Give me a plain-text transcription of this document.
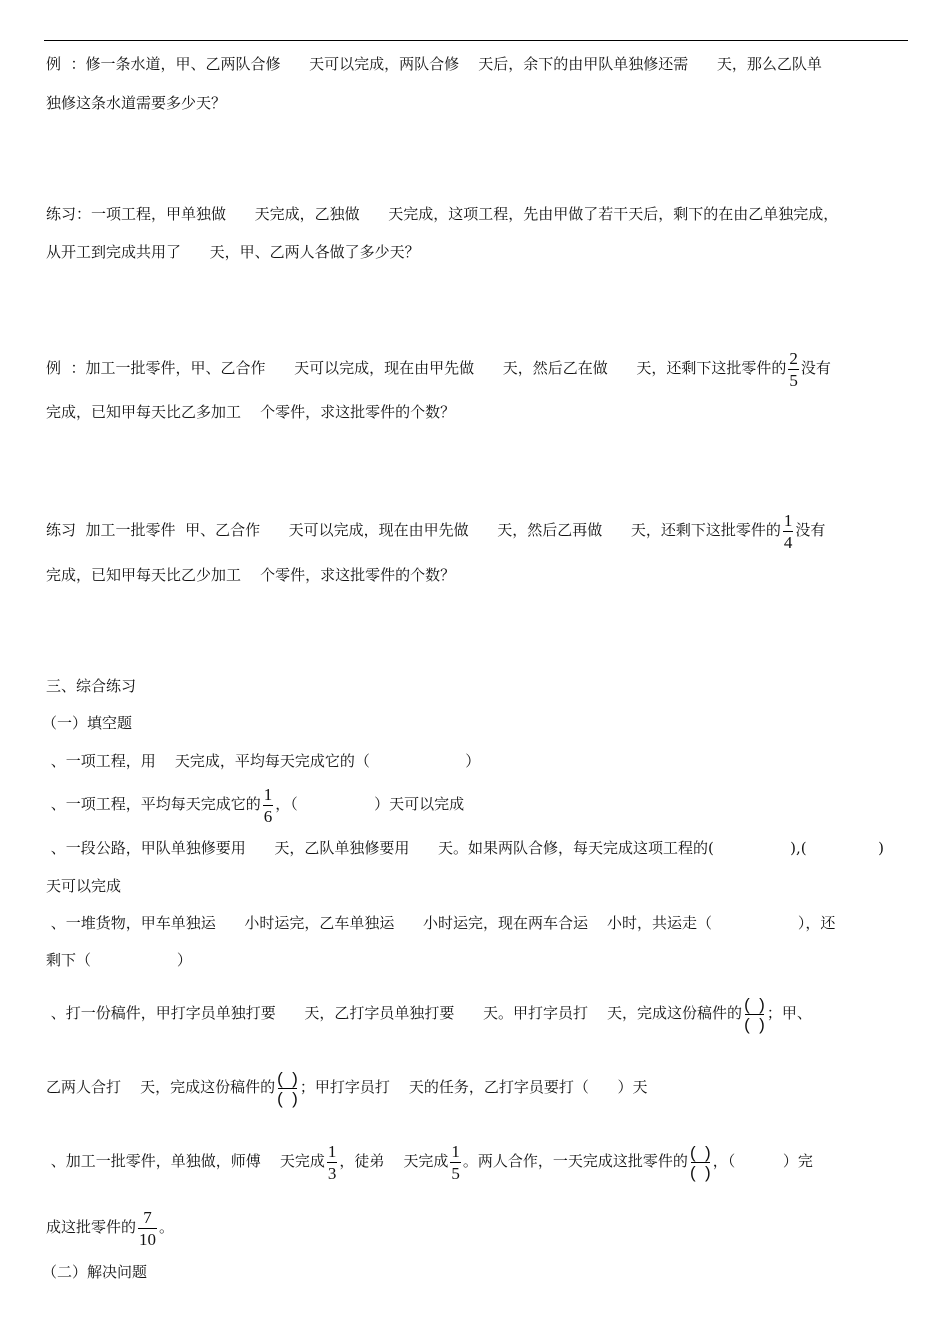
例  ：修一条水道，甲、乙两队合修      天可以完成，两队合修    天后，余下的由甲队单独修还需      天，那么乙队单
独修这条水道需要多少天？
练习：一项工程，甲单独做      天完成，乙独做      天完成，这项工程，先由甲做了若干天后，剩下的在由乙单独完成，
从开工到完成共用了      天，甲、乙两人各做了多少天？
例  ：加工一批零件，甲、乙合作      天可以完成，现在由甲先做      天，然后乙在做      天，还剩下这批零件的 $\frac{2}{5}$ 没有
完成，已知甲每天比乙多加工    个零件，求这批零件的个数？
练习  加工一批零件  甲、乙合作      天可以完成，现在由甲先做      天，然后乙再做      天，还剩下这批零件的 $\frac{1}{4}$ 没有
完成，已知甲每天比乙少加工    个零件，求这批零件的个数？
三、综合练习
（一）填空题
、一项工程，用    天完成，平均每天完成它的（                    ）
、一项工程，平均每天完成它的 $\frac{1}{6}$ ，（                ）天可以完成
、一段公路，甲队单独修要用      天，乙队单独修要用      天。如果两队合修，每天完成这项工程的(                ),(               )
天可以完成
、一堆货物，甲车单独运      小时运完，乙车单独运      小时运完，现在两车合运    小时，共运走（                  ），还
剩下（                  ）
、打一份稿件，甲打字员单独打要      天，乙打字员单独打要      天。甲打字员打    天，完成这份稿件的 (  )
(  )；甲、
乙两人合打    天，完成这份稿件的 (  )
(  )；甲打字员打    天的任务，乙打字员要打（      ）天
、加工一批零件，单独做，师傅    天完成 $\frac{1}{3}$ ，徒弟    天完成 $\frac{1}{5}$ 。两人合作，一天完成这批零件的 (  )
(  )，（          ）完
成这批零件的 $\frac{7}{10}$ 。
（二）解决问题
